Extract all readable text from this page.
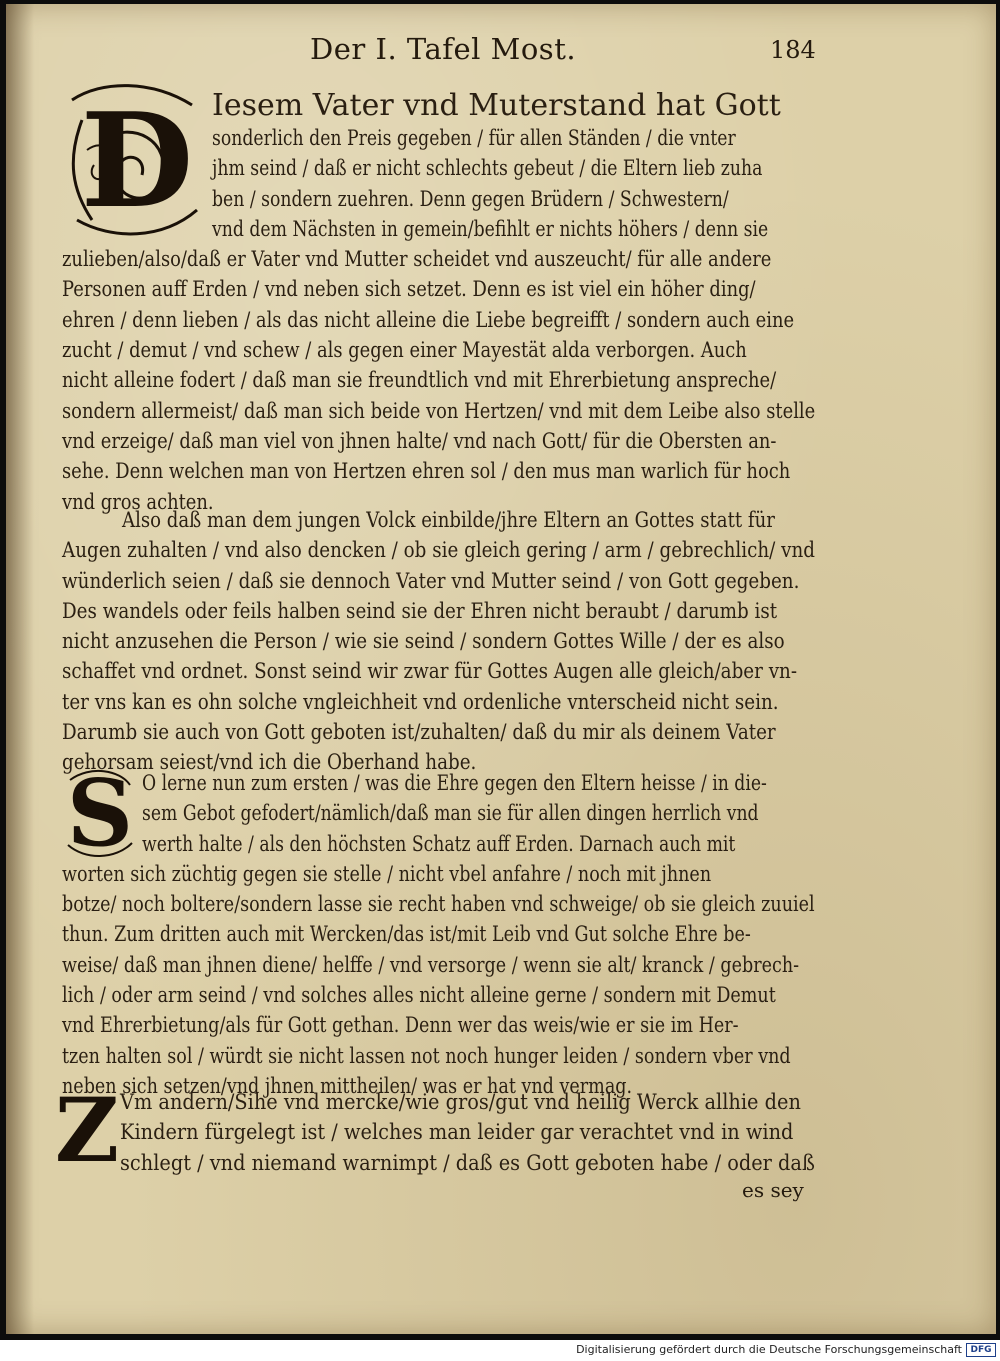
Der I. Tafel Most.	184
D Iesem Vater vnd Muterstand hat Gott
sonderlich den Preis gegeben / für allen Ständen / die vnter
jhm seind / daß er nicht schlechts gebeut / die Eltern lieb zuha
ben / sondern zuehren. Denn gegen Brüdern / Schwestern/
vnd dem Nächsten in gemein/befihlt er nichts höhers / denn sie
zulieben/also/daß er Vater vnd Mutter scheidet vnd auszeucht/ für alle andere
Personen auff Erden / vnd neben sich setzet. Denn es ist viel ein höher ding/
ehren / denn lieben / als das nicht alleine die Liebe begreifft / sondern auch eine
zucht / demut / vnd schew / als gegen einer Mayestät alda verborgen. Auch
nicht alleine fodert / daß man sie freundtlich vnd mit Ehrerbietung anspreche/
sondern allermeist/ daß man sich beide von Hertzen/ vnd mit dem Leibe also stelle
vnd erzeige/ daß man viel von jhnen halte/ vnd nach Gott/ für die Obersten an-
sehe. Denn welchen man von Hertzen ehren sol / den mus man warlich für hoch
vnd gros achten.
Also daß man dem jungen Volck einbilde/jhre Eltern an Gottes statt für
Augen zuhalten / vnd also dencken / ob sie gleich gering / arm / gebrechlich/ vnd
wünderlich seien / daß sie dennoch Vater vnd Mutter seind / von Gott gegeben.
Des wandels oder feils halben seind sie der Ehren nicht beraubt / darumb ist
nicht anzusehen die Person / wie sie seind / sondern Gottes Wille / der es also
schaffet vnd ordnet. Sonst seind wir zwar für Gottes Augen alle gleich/aber vn-
ter vns kan es ohn solche vngleichheit vnd ordenliche vnterscheid nicht sein.
Darumb sie auch von Gott geboten ist/zuhalten/ daß du mir als deinem Vater
gehorsam seiest/vnd ich die Oberhand habe.
S O lerne nun zum ersten / was die Ehre gegen den Eltern heisse / in die-
sem Gebot gefodert/nämlich/daß man sie für allen dingen herrlich vnd
werth halte / als den höchsten Schatz auff Erden. Darnach auch mit
worten sich züchtig gegen sie stelle / nicht vbel anfahre / noch mit jhnen
botze/ noch boltere/sondern lasse sie recht haben vnd schweige/ ob sie gleich zuuiel
thun. Zum dritten auch mit Wercken/das ist/mit Leib vnd Gut solche Ehre be-
weise/ daß man jhnen diene/ helffe / vnd versorge / wenn sie alt/ kranck / gebrech-
lich / oder arm seind / vnd solches alles nicht alleine gerne / sondern mit Demut
vnd Ehrerbietung/als für Gott gethan. Denn wer das weis/wie er sie im Her-
tzen halten sol / würdt sie nicht lassen not noch hunger leiden / sondern vber vnd
neben sich setzen/vnd jhnen mittheilen/ was er hat vnd vermag.
Z Vm andern/Sihe vnd mercke/wie gros/gut vnd heilig Werck allhie den
Kindern fürgelegt ist / welches man leider gar verachtet vnd in wind
schlegt / vnd niemand warnimpt / daß es Gott geboten habe / oder daß
es sey
Digitalisierung gefördert durch die Deutsche Forschungsgemeinschaft DFG
